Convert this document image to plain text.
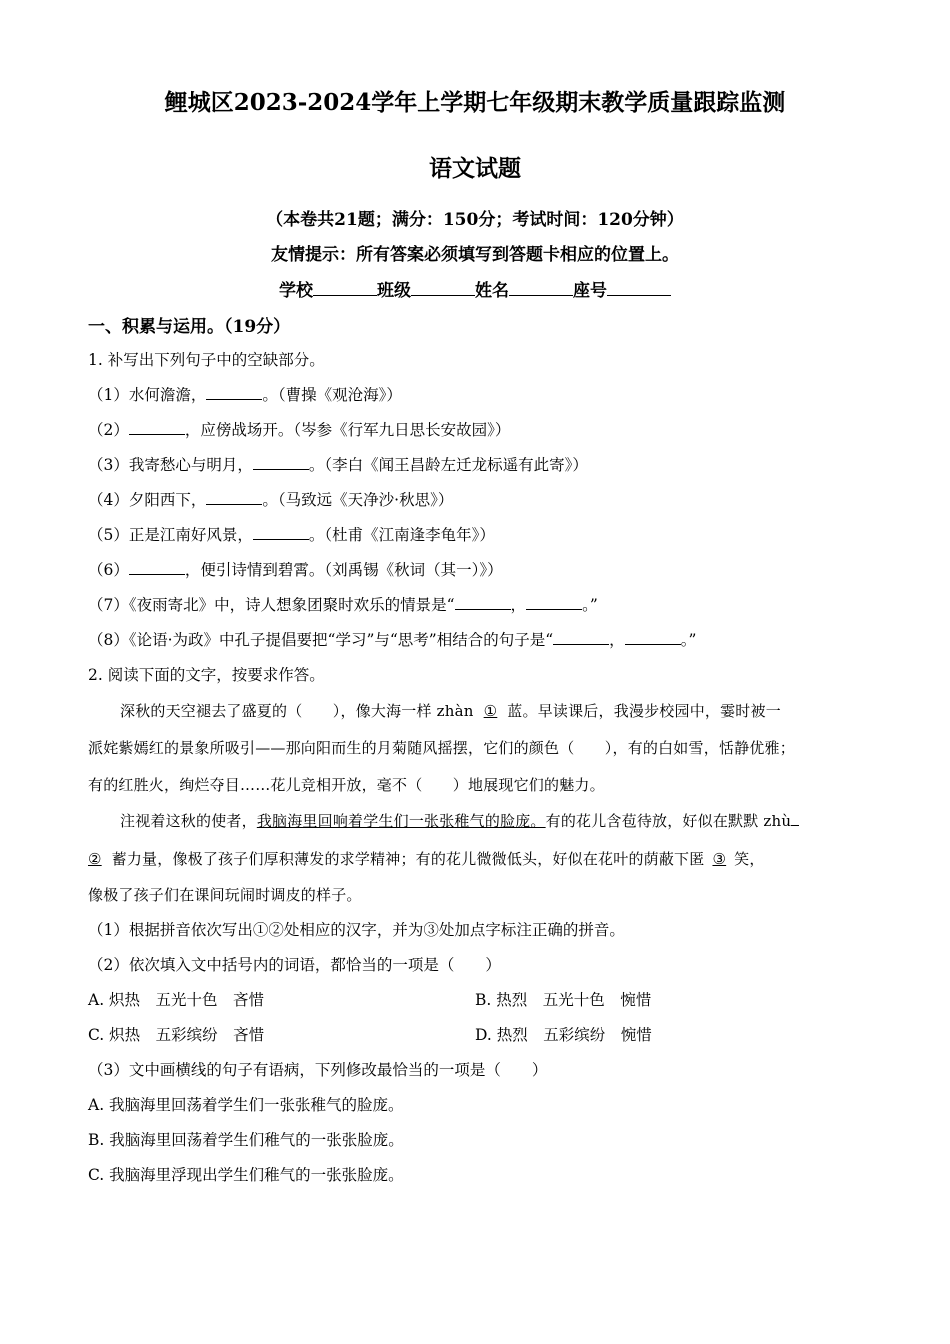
鲤城区2023-2024学年上学期七年级期末教学质量跟踪监测
语文试题
（本卷共21题；满分：150分；考试时间：120分钟）
友情提示：所有答案必须填写到答题卡相应的位置上。
学校	班级	姓名	座号
一、积累与运用。（19分）
1. 补写出下列句子中的空缺部分。
（1）水何澹澹，	。（曹操《观沧海》）
（2）	，应傍战场开。（岑参《行军九日思长安故园》）
（3）我寄愁心与明月，	。（李白《闻王昌龄左迁龙标遥有此寄》）
（4）夕阳西下，	。（马致远《天净沙·秋思》）
（5）正是江南好风景，	。（杜甫《江南逢李龟年》）
（6）	，便引诗情到碧霄。（刘禹锡《秋词（其一）》）
（7）《夜雨寄北》中，诗人想象团聚时欢乐的情景是“	，	。”
（8）《论语·为政》中孔子提倡要把“学习”与“思考”相结合的句子是“	，	。”
2. 阅读下面的文字，按要求作答。
深秋的天空褪去了盛夏的（　　），像大海一样 zhàn ① 蓝。早读课后，我漫步校园中，霎时被一
派姹紫嫣红的景象所吸引——那向阳而生的月菊随风摇摆，它们的颜色（　　），有的白如雪，恬静优雅；
有的红胜火，绚烂夺目……花儿竞相开放，毫不（　　）地展现它们的魅力。
注视着这秋的使者，我脑海里回响着学生们一张张稚气的脸庞。有的花儿含苞待放，好似在默默 zhù
② 蓄力量，像极了孩子们厚积薄发的求学精神；有的花儿微微低头，好似在花叶的荫蔽下匿 ③ 笑，
像极了孩子们在课间玩闹时调皮的样子。
（1）根据拼音依次写出①②处相应的汉字，并为③处加点字标注正确的拼音。
（2）依次填入文中括号内的词语，都恰当的一项是（　　）
A. 炽热　五光十色　吝惜	B. 热烈　五光十色　惋惜
C. 炽热　五彩缤纷　吝惜	D. 热烈　五彩缤纷　惋惜
（3）文中画横线的句子有语病，下列修改最恰当的一项是（　　）
A. 我脑海里回荡着学生们一张张稚气的脸庞。
B. 我脑海里回荡着学生们稚气的一张张脸庞。
C. 我脑海里浮现出学生们稚气的一张张脸庞。
